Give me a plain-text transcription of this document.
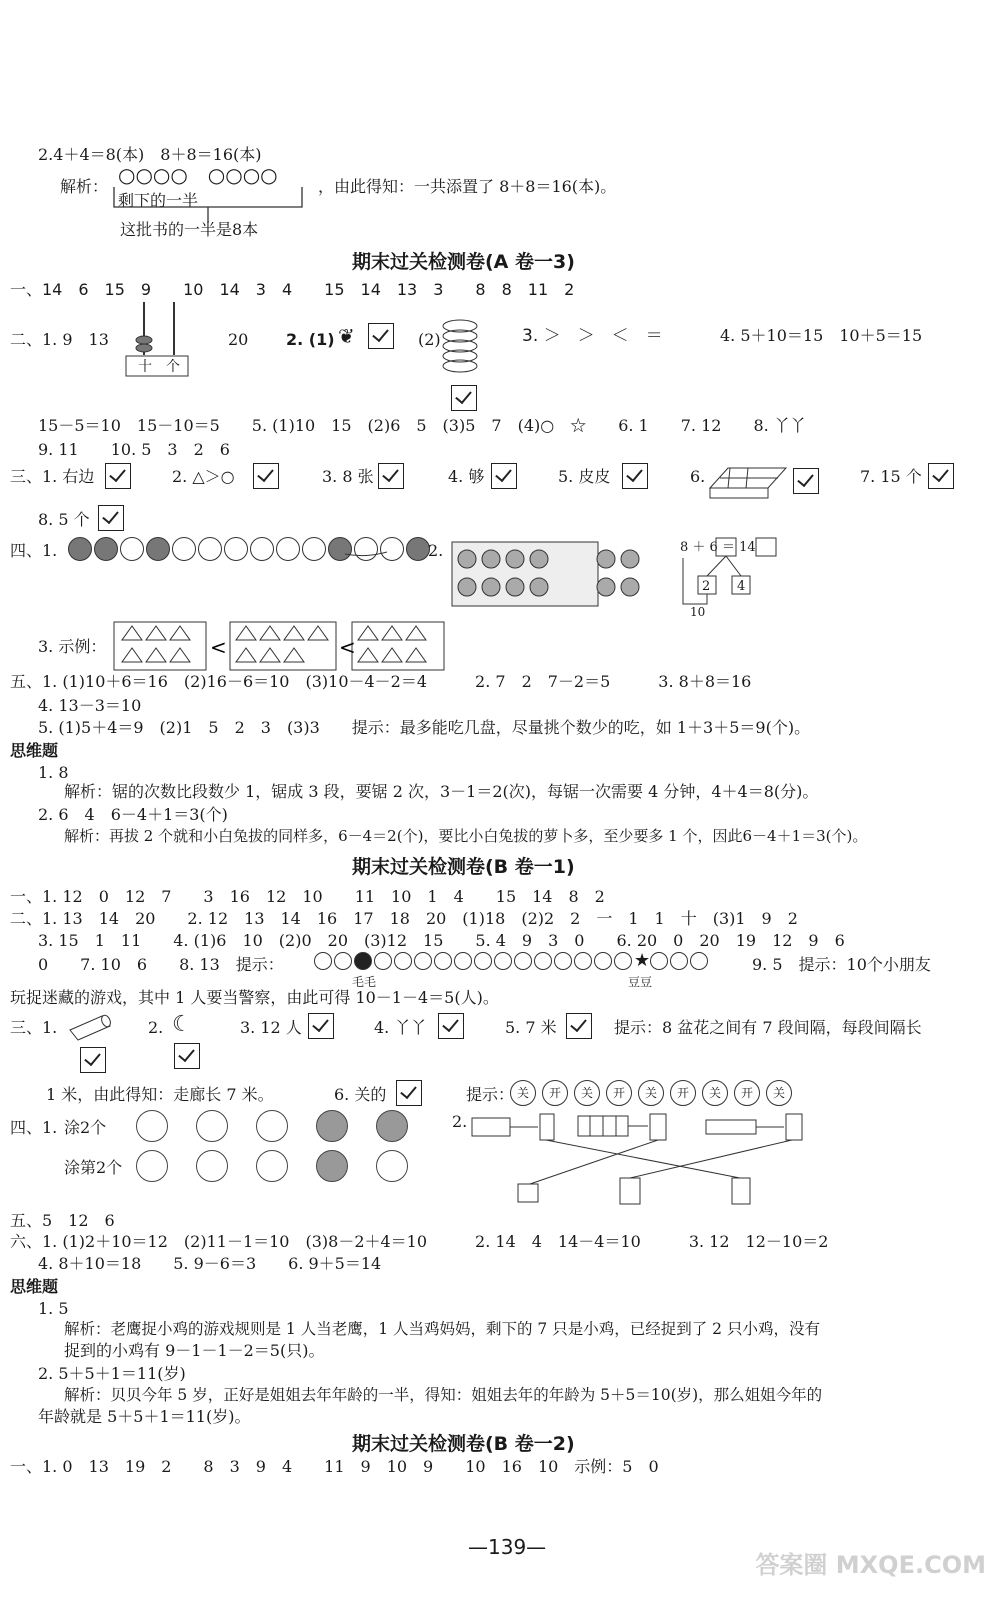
2.4＋4＝8(本)　8＋8＝16(本)
解析： ○○○○　○○○○	，由此得知：一共添置了 8＋8＝16(本)。
剩下的一半
这批书的一半是8本
期末过关检测卷(A 卷一3)
一、14　6　15　9　　10　14　3　4　　15　14　13　3　　8　8　11　2
二、1. 9　13
十　个
20 2. (1) ❦	(2)	3. ＞　＞　＜　＝	4. 5＋10＝15　10＋5＝15
15－5＝10　15－10＝5　　5. (1)10　15　(2)6　5　(3)5　7　(4)○　☆　　6. 1　　7. 12　　8. 丫丫
9. 11　　10. 5　3　2　6
三、1. 右边	2. △＞○	3. 8 张	4. 够	5. 皮皮	6.	7. 15 个
8. 5 个
四、1.	2.	8 ＋ 6 ＝ 14
2 4
10
3. 示例：	<	<
五、1. (1)10＋6＝16　(2)16－6＝10　(3)10－4－2＝4　　　2. 7　2　7－2＝5　　　3. 8＋8＝16
4. 13－3＝10
5. (1)5＋4＝9　(2)1　5　2　3　(3)3　　提示：最多能吃几盘，尽量挑个数少的吃，如 1＋3＋5＝9(个)。
思维题
1. 8
解析：锯的次数比段数少 1，锯成 3 段，要锯 2 次，3－1＝2(次)，每锯一次需要 4 分钟，4＋4＝8(分)。
2. 6　4　6－4＋1＝3(个)
解析：再拔 2 个就和小白兔拔的同样多，6－4＝2(个)，要比小白兔拔的萝卜多，至少要多 1 个，因此6－4＋1＝3(个)。
期末过关检测卷(B 卷一1)
一、1. 12　0　12　7　　3　16　12　10　　11　10　1　4　　15　14　8　2
二、1. 13　14　20　　2. 12　13　14　16　17　18　20　(1)18　(2)2　2　一　1　1　十　(3)1　9　2
3. 15　1　11　　4. (1)6　10　(2)0　20　(3)12　15　　5. 4　9　3　0　　6. 20　0　20　19　12　9　6
0　　7. 10　6　　8. 13　提示：	★
毛毛	豆豆
9. 5　提示：10个小朋友
玩捉迷藏的游戏，其中 1 人要当警察，由此可得 10－1－4＝5(人)。
三、1.	2. ☾	3. 12 人	4. 丫丫	5. 7 米	提示：8 盆花之间有 7 段间隔，每段间隔长
1 米，由此得知：走廊长 7 米。	6. 关的	提示： 关 开 关 开 关 开 关 开 关
四、1. 涂2个
涂第2个
2.
五、5　12　6
六、1. (1)2＋10＝12　(2)11－1＝10　(3)8－2＋4＝10　　　2. 14　4　14－4＝10　　　3. 12　12－10＝2
4. 8＋10＝18　　5. 9－6＝3　　6. 9＋5＝14
思维题
1. 5
解析：老鹰捉小鸡的游戏规则是 1 人当老鹰，1 人当鸡妈妈，剩下的 7 只是小鸡，已经捉到了 2 只小鸡，没有
捉到的小鸡有 9－1－1－2＝5(只)。
2. 5＋5＋1＝11(岁)
解析：贝贝今年 5 岁，正好是姐姐去年年龄的一半，得知：姐姐去年的年龄为 5＋5＝10(岁)，那么姐姐今年的
年龄就是 5＋5＋1＝11(岁)。
期末过关检测卷(B 卷一2)
一、1. 0　13　19　2　　8　3　9　4　　11　9　10　9　　10　16　10　示例：5　0
—139—
答案圈 MXQE.COM
